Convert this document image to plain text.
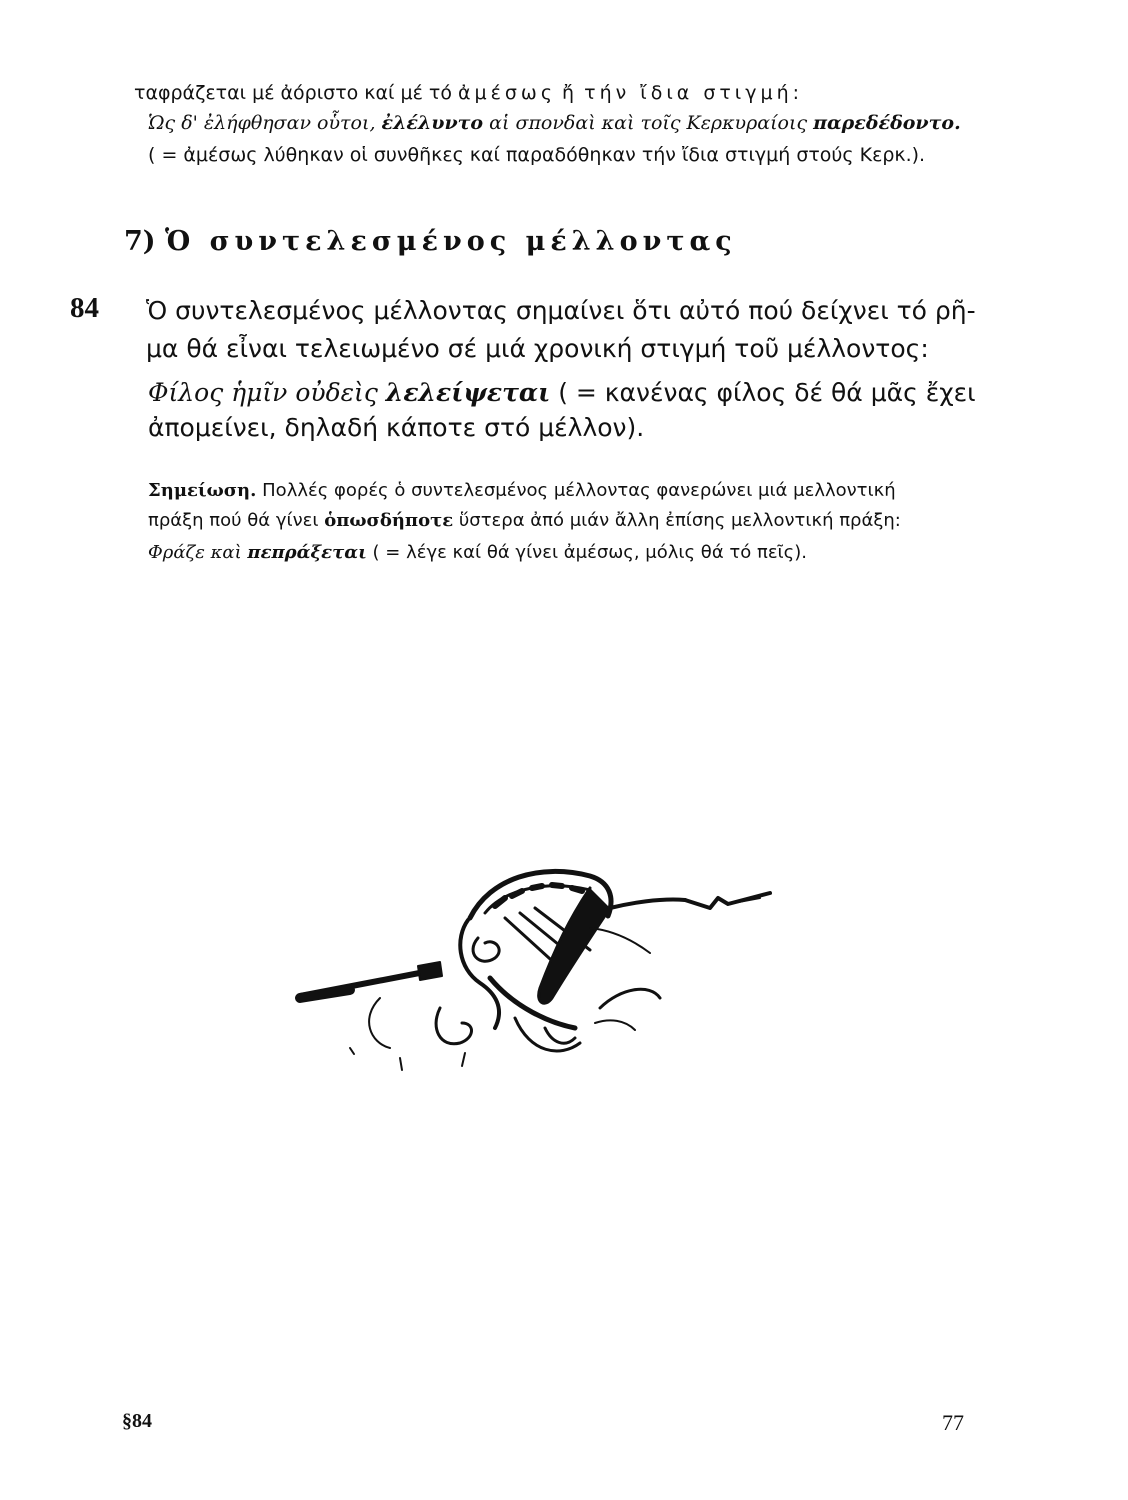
ταφράζεται μέ ἀόριστο καί μέ τό ἀμέσως ἤ τήν ἴδια στιγμή:
Ὡς δ' ἐλήφθησαν οὗτοι, ἐλέλυντο αἱ σπονδαὶ καὶ τοῖς Κερκυραίοις παρεδέδοντο.
( = ἀμέσως λύθηκαν οἱ συνθῆκες καί παραδόθηκαν τήν ἴδια στιγμή στούς Κερκ.).
7) Ὁ συντελεσμένος μέλλοντας
84 Ὁ συντελεσμένος μέλλοντας σημαίνει ὅτι αὐτό πού δείχνει τό ρῆ-
μα θά εἶναι τελειωμένο σέ μιά χρονική στιγμή τοῦ μέλλοντος:
Φίλος ἡμῖν οὐδεὶς λελείψεται ( = κανένας φίλος δέ θά μᾶς ἔχει
ἀπομείνει, δηλαδή κάποτε στό μέλλον).
Σημείωση. Πολλές φορές ὁ συντελεσμένος μέλλοντας φανερώνει μιά μελλοντική
πράξη πού θά γίνει ὁπωσδήποτε ὕστερα ἀπό μιάν ἄλλη ἐπίσης μελλοντική πράξη:
Φράζε καὶ πεπράξεται ( = λέγε καί θά γίνει ἀμέσως, μόλις θά τό πεῖς).
§84	77
